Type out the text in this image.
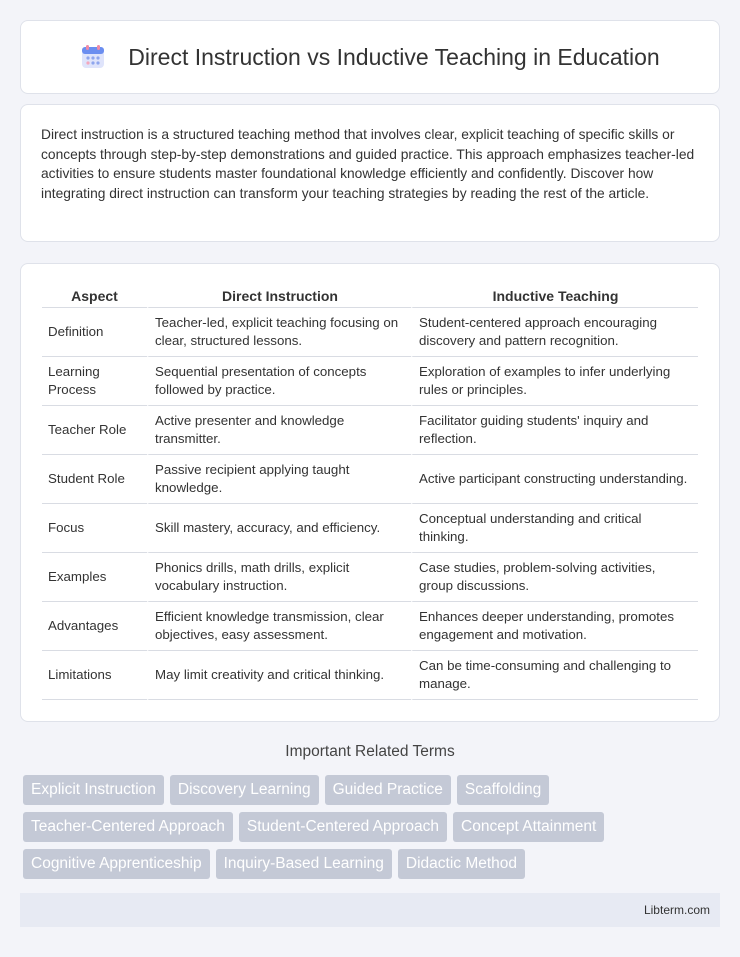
Direct Instruction vs Inductive Teaching in Education

Direct instruction is a structured teaching method that involves clear, explicit teaching of specific skills or concepts through step-by-step demonstrations and guided practice. This approach emphasizes teacher-led activities to ensure students master foundational knowledge efficiently and confidently. Discover how integrating direct instruction can transform your teaching strategies by reading the rest of the article.

Aspect	Direct Instruction	Inductive Teaching
Definition	Teacher-led, explicit teaching focusing on clear, structured lessons.	Student-centered approach encouraging discovery and pattern recognition.
Learning Process	Sequential presentation of concepts followed by practice.	Exploration of examples to infer underlying rules or principles.
Teacher Role	Active presenter and knowledge transmitter.	Facilitator guiding students' inquiry and reflection.
Student Role	Passive recipient applying taught knowledge.	Active participant constructing understanding.
Focus	Skill mastery, accuracy, and efficiency.	Conceptual understanding and critical thinking.
Examples	Phonics drills, math drills, explicit vocabulary instruction.	Case studies, problem-solving activities, group discussions.
Advantages	Efficient knowledge transmission, clear objectives, easy assessment.	Enhances deeper understanding, promotes engagement and motivation.
Limitations	May limit creativity and critical thinking.	Can be time-consuming and challenging to manage.
Important Related Terms
Explicit Instruction	Discovery Learning	Guided Practice	Scaffolding
Teacher-Centered Approach	Student-Centered Approach	Concept Attainment
Cognitive Apprenticeship	Inquiry-Based Learning	Didactic Method
Libterm.com
